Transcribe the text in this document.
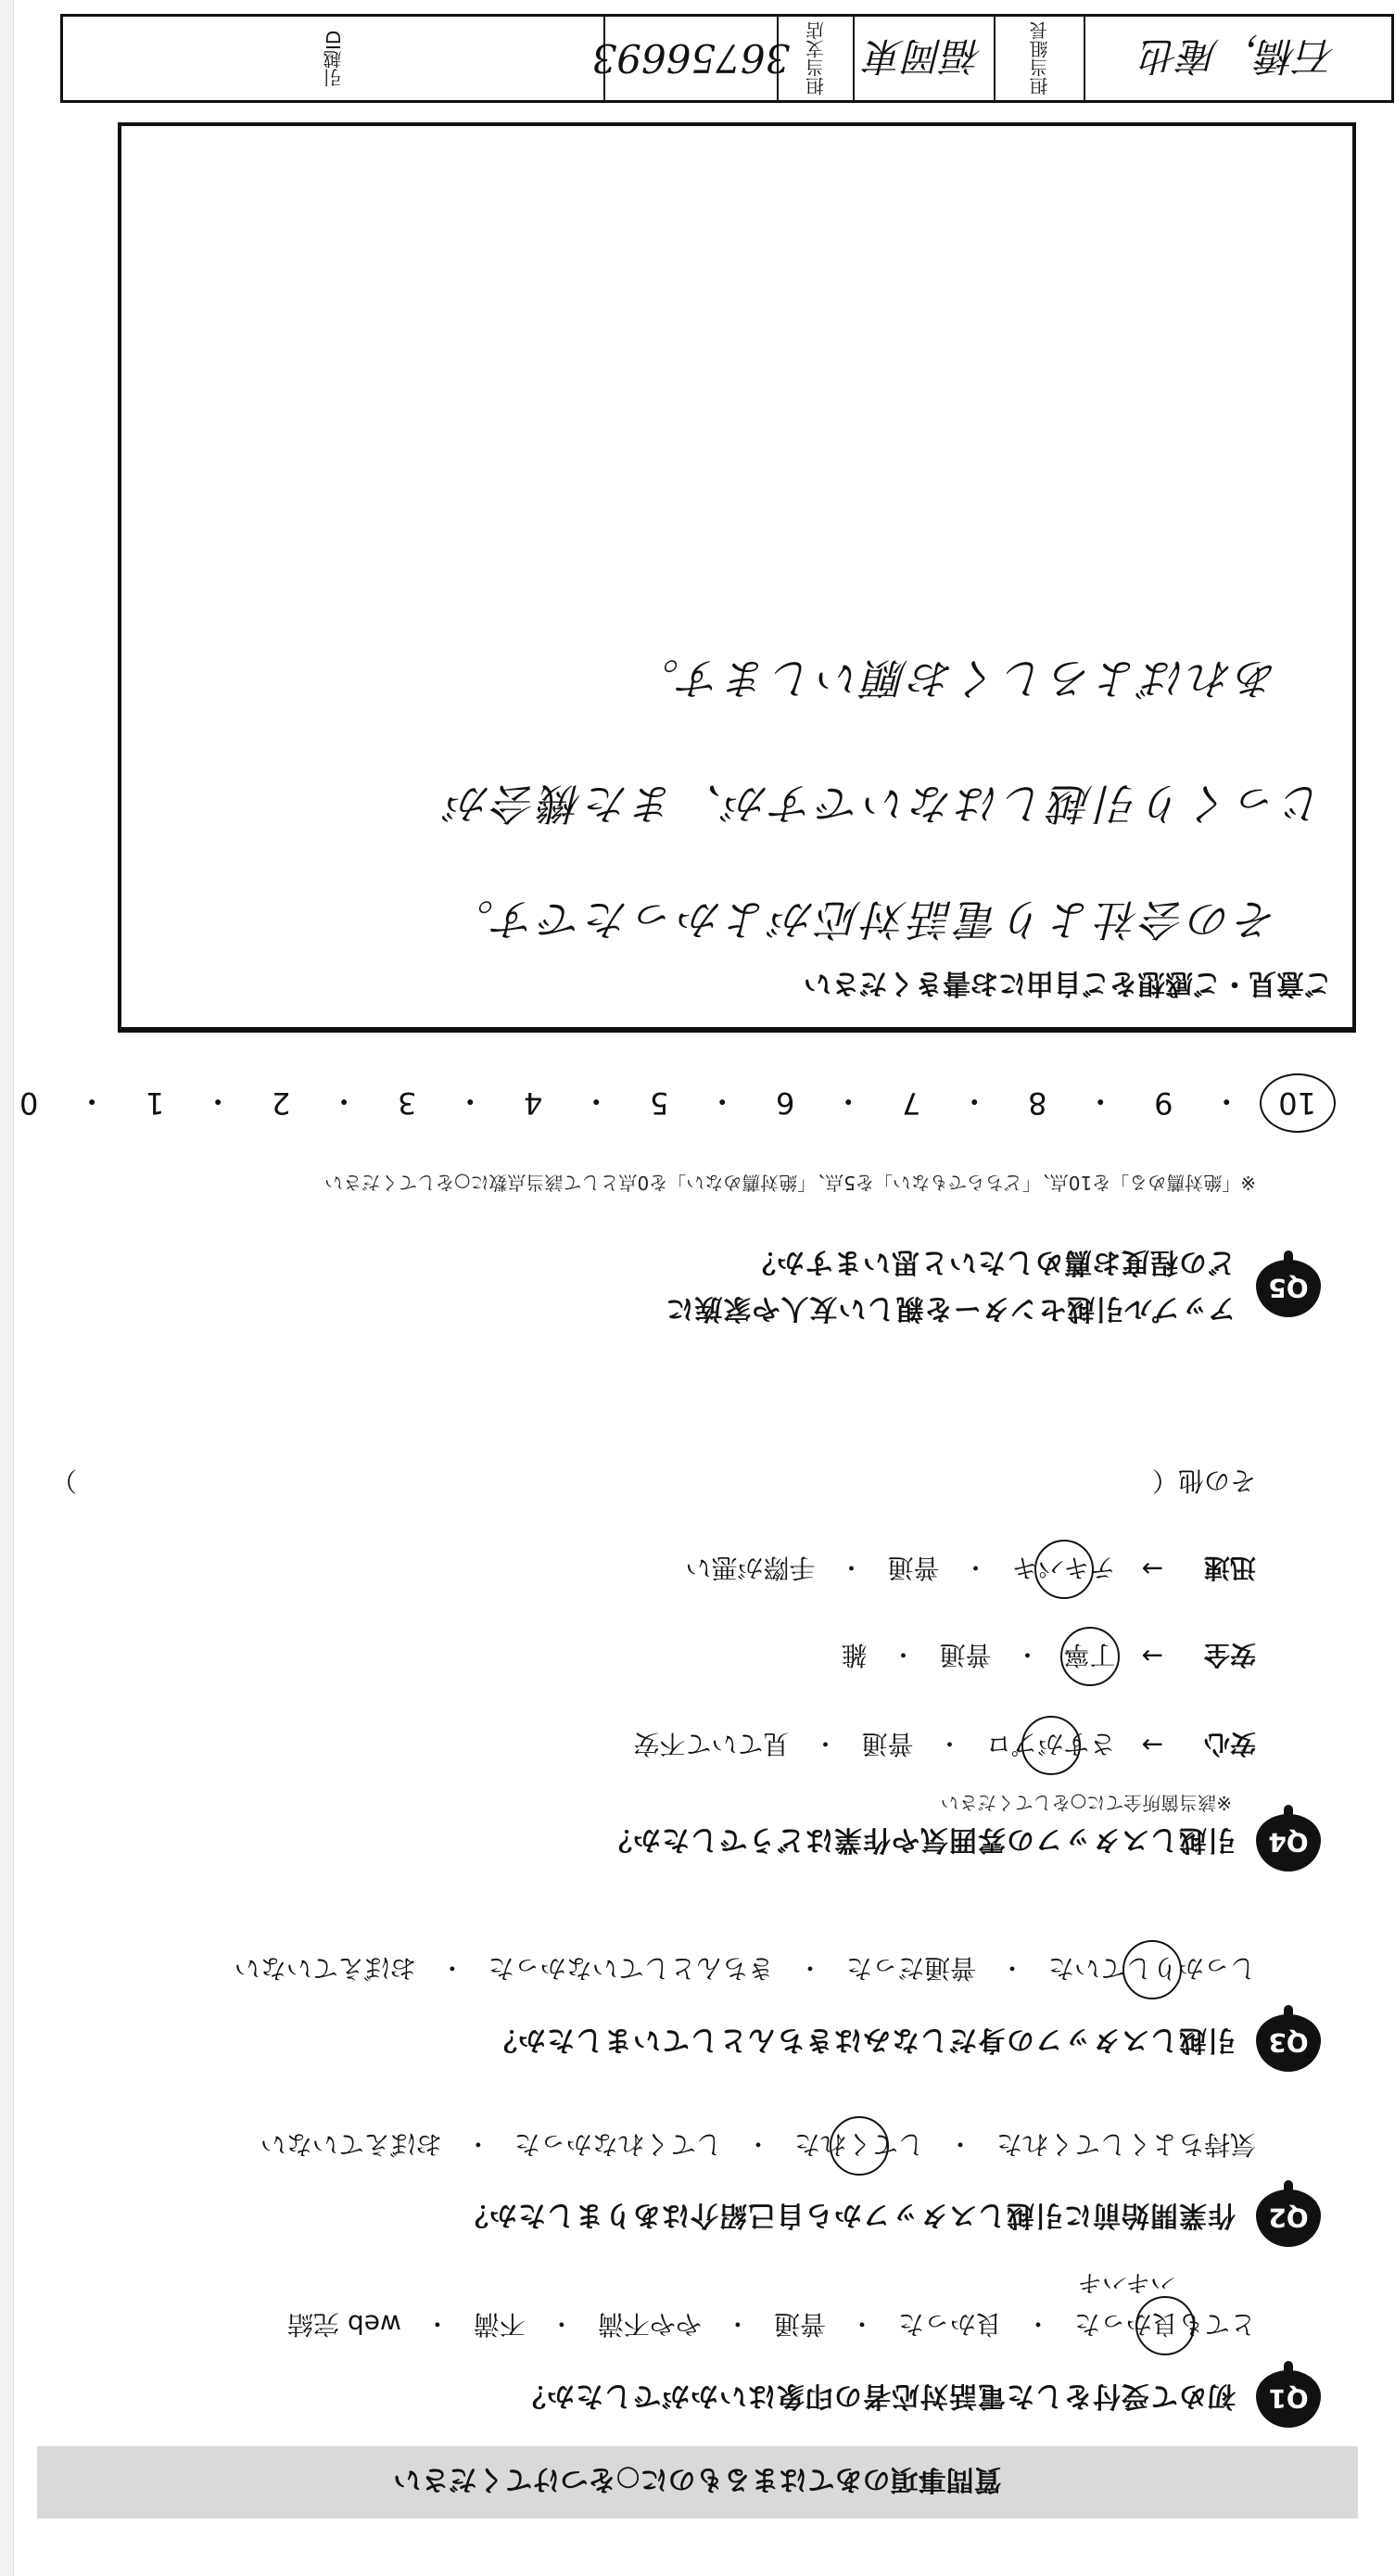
質問事項のあてはまるものに○をつけてください
Q1
初めて受付をした電話対応者の印象はいかがでしたか？
ハキハキ
とても良かった
・
良かった
・
普通
・
やや不満
・
不満
・
web 完結
Q2
作業開始前に引越しスタッフから自己紹介はありましたか？
気持ちよくしてくれた
・
してくれた
・
してくれなかった
・
おぼえていない
Q3
引越しスタッフの身だしなみはきちんとしていましたか？
しっかりしていた
・
普通だった
・
きちんとしていなかった
・
おぼえていない
Q4
引越しスタッフの雰囲気や作業はどうでしたか？
※該当箇所全てに○をしてください
安心
→
さすがプロ
・
普通
・
見ていて不安
安全
→
丁寧
・
普通
・
雑
迅速
→
テキパキ
・
普通
・
手際が悪い
その他（
）
Q5
アップル引越センターを親しい友人や家族に
どの程度お薦めしたいと思いますか？
※「絶対薦める」を10点、「どちらでもない」を5点、「絶対薦めない」を0点として該当点数に○をしてください
10
・
9
・
8
・
7
・
6
・
5
・
4
・
3
・
2
・
1
・
0
ご意見・ご感想をご自由にお書きください
その会社より電話対応がよかったです。
じっくり引越しはないですが、また機会が
あればよろしくお願いします。
石橋，庵也
担当組長
福岡東
担当支店
36756693
引越ID
